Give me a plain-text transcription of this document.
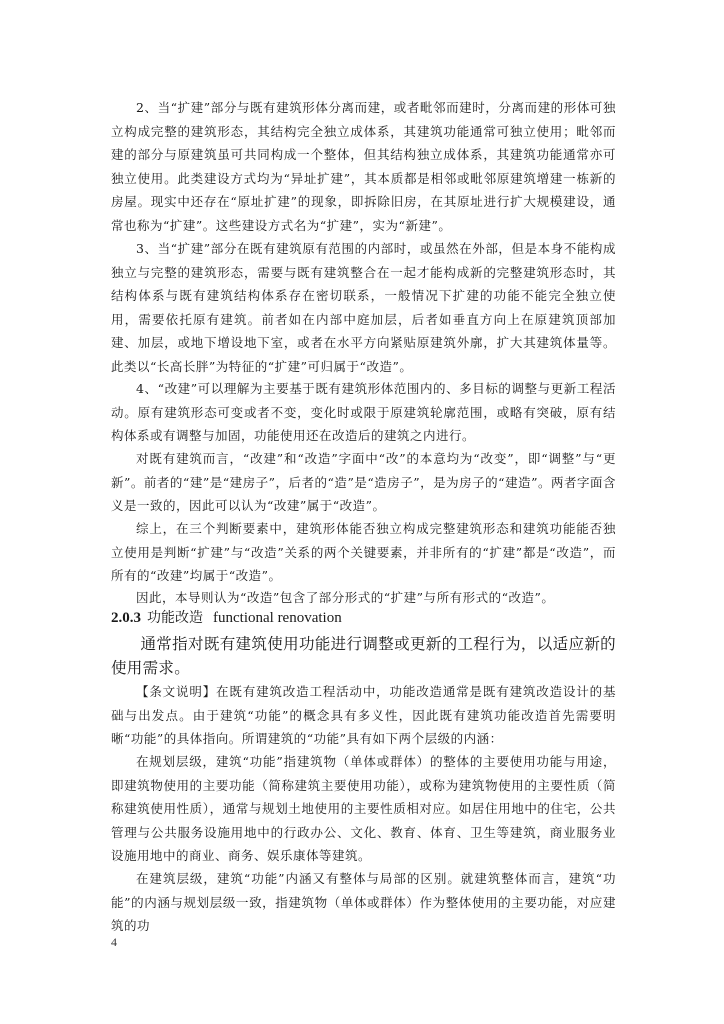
2、当“扩建”部分与既有建筑形体分离而建，或者毗邻而建时，分离而建的形体可独立构成完整的建筑形态，其结构完全独立成体系，其建筑功能通常可独立使用；毗邻而建的部分与原建筑虽可共同构成一个整体，但其结构独立成体系，其建筑功能通常亦可独立使用。此类建设方式均为“异址扩建”，其本质都是相邻或毗邻原建筑增建一栋新的房屋。现实中还存在“原址扩建”的现象，即拆除旧房，在其原址进行扩大规模建设，通常也称为“扩建”。这些建设方式名为“扩建”，实为“新建”。

3、当“扩建”部分在既有建筑原有范围的内部时，或虽然在外部，但是本身不能构成独立与完整的建筑形态，需要与既有建筑整合在一起才能构成新的完整建筑形态时，其结构体系与既有建筑结构体系存在密切联系，一般情况下扩建的功能不能完全独立使用，需要依托原有建筑。前者如在内部中庭加层，后者如垂直方向上在原建筑顶部加建、加层，或地下增设地下室，或者在水平方向紧贴原建筑外廓，扩大其建筑体量等。此类以“长高长胖”为特征的“扩建”可归属于“改造”。

4、“改建”可以理解为主要基于既有建筑形体范围内的、多目标的调整与更新工程活动。原有建筑形态可变或者不变，变化时或限于原建筑轮廓范围，或略有突破，原有结构体系或有调整与加固，功能使用还在改造后的建筑之内进行。

对既有建筑而言，“改建”和“改造”字面中“改”的本意均为“改变”，即“调整”与“更新”。前者的“建”是“建房子”，后者的“造”是“造房子”，是为房子的“建造”。两者字面含义是一致的，因此可以认为“改建”属于“改造”。

综上，在三个判断要素中，建筑形体能否独立构成完整建筑形态和建筑功能能否独立使用是判断“扩建”与“改造”关系的两个关键要素，并非所有的“扩建”都是“改造”，而所有的“改建”均属于“改造”。

因此，本导则认为“改造”包含了部分形式的“扩建”与所有形式的“改造”。

2.0.3 功能改造 functional renovation

通常指对既有建筑使用功能进行调整或更新的工程行为，以适应新的使用需求。

【条文说明】在既有建筑改造工程活动中，功能改造通常是既有建筑改造设计的基础与出发点。由于建筑“功能”的概念具有多义性，因此既有建筑功能改造首先需要明晰“功能”的具体指向。所谓建筑的“功能”具有如下两个层级的内涵：

在规划层级，建筑“功能”指建筑物（单体或群体）的整体的主要使用功能与用途，即建筑物使用的主要功能（简称建筑主要使用功能），或称为建筑物使用的主要性质（简称建筑使用性质），通常与规划土地使用的主要性质相对应。如居住用地中的住宅，公共管理与公共服务设施用地中的行政办公、文化、教育、体育、卫生等建筑，商业服务业设施用地中的商业、商务、娱乐康体等建筑。

在建筑层级，建筑“功能”内涵又有整体与局部的区别。就建筑整体而言，建筑“功能”的内涵与规划层级一致，指建筑物（单体或群体）作为整体使用的主要功能，对应建筑的功

4
